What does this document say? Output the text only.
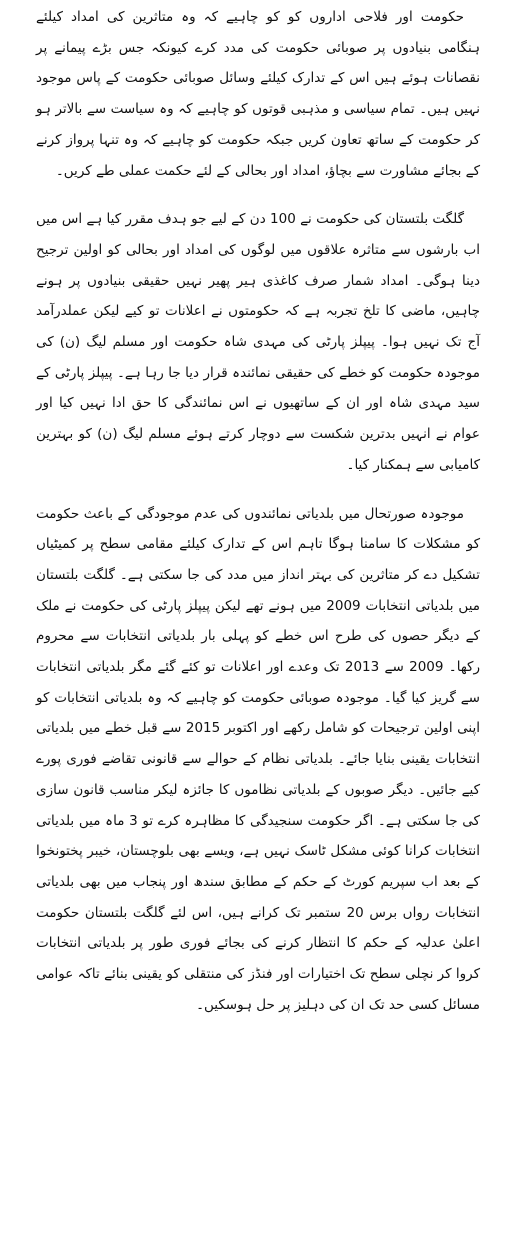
حکومت اور فلاحی اداروں کو کو چاہیے کہ وہ متاثرین کی امداد کیلئے ہنگامی بنیادوں پر صوبائی حکومت کی مدد کرے کیونکہ جس بڑے پیمانے پر نقصانات ہوئے ہیں اس کے تدارک کیلئے وسائل صوبائی حکومت کے پاس موجود نہیں ہیں۔ تمام سیاسی و مذہبی قوتوں کو چاہیے کہ وہ سیاست سے بالاتر ہو کر حکومت کے ساتھ تعاون کریں جبکہ حکومت کو چاہیے کہ وہ تنہا پرواز کرنے کے بجائے مشاورت سے بچاؤ، امداد اور بحالی کے لئے حکمت عملی طے کریں۔

گلگت بلتستان کی حکومت نے 100 دن کے لیے جو ہدف مقرر کیا ہے اس میں اب بارشوں سے متاثرہ علاقوں میں لوگوں کی امداد اور بحالی کو اولین ترجیح دینا ہوگی۔ امداد شمار صرف کاغذی ہیر پھیر نہیں حقیقی بنیادوں پر ہونے چاہیں، ماضی کا تلخ تجربہ ہے کہ حکومتوں نے اعلانات تو کیے لیکن عملدرآمد آج تک نہیں ہوا۔ پیپلز پارٹی کی مہدی شاہ حکومت اور مسلم لیگ (ن) کی موجودہ حکومت کو خطے کی حقیقی نمائندہ قرار دیا جا رہا ہے۔ پیپلز پارٹی کے سید مہدی شاہ اور ان کے ساتھیوں نے اس نمائندگی کا حق ادا نہیں کیا اور عوام نے انہیں بدترین شکست سے دوچار کرتے ہوئے مسلم لیگ (ن) کو بہترین کامیابی سے ہمکنار کیا۔

موجودہ صورتحال میں بلدیاتی نمائندوں کی عدم موجودگی کے باعث حکومت کو مشکلات کا سامنا ہوگا تاہم اس کے تدارک کیلئے مقامی سطح پر کمیٹیاں تشکیل دے کر متاثرین کی بہتر انداز میں مدد کی جا سکتی ہے۔ گلگت بلتستان میں بلدیاتی انتخابات 2009 میں ہونے تھے لیکن پیپلز پارٹی کی حکومت نے ملک کے دیگر حصوں کی طرح اس خطے کو پہلی بار بلدیاتی انتخابات سے محروم رکھا۔ 2009 سے 2013 تک وعدے اور اعلانات تو کئے گئے مگر بلدیاتی انتخابات سے گریز کیا گیا۔ موجودہ صوبائی حکومت کو چاہیے کہ وہ بلدیاتی انتخابات کو اپنی اولین ترجیحات کو شامل رکھے اور اکتوبر 2015 سے قبل خطے میں بلدیاتی انتخابات یقینی بنایا جائے۔ بلدیاتی نظام کے حوالے سے قانونی تقاضے فوری پورے کیے جائیں۔ دیگر صوبوں کے بلدیاتی نظاموں کا جائزہ لیکر مناسب قانون سازی کی جا سکتی ہے۔ اگر حکومت سنجیدگی کا مظاہرہ کرے تو 3 ماہ میں بلدیاتی انتخابات کرانا کوئی مشکل ٹاسک نہیں ہے، ویسے بھی بلوچستان، خیبر پختونخوا کے بعد اب سپریم کورٹ کے حکم کے مطابق سندھ اور پنجاب میں بھی بلدیاتی انتخابات رواں برس 20 ستمبر تک کرانے ہیں، اس لئے گلگت بلتستان حکومت اعلیٰ عدلیہ کے حکم کا انتظار کرنے کی بجائے فوری طور پر بلدیاتی انتخابات کروا کر نچلی سطح تک اختیارات اور فنڈز کی منتقلی کو یقینی بنائے تاکہ عوامی مسائل کسی حد تک ان کی دہلیز پر حل ہوسکیں۔
